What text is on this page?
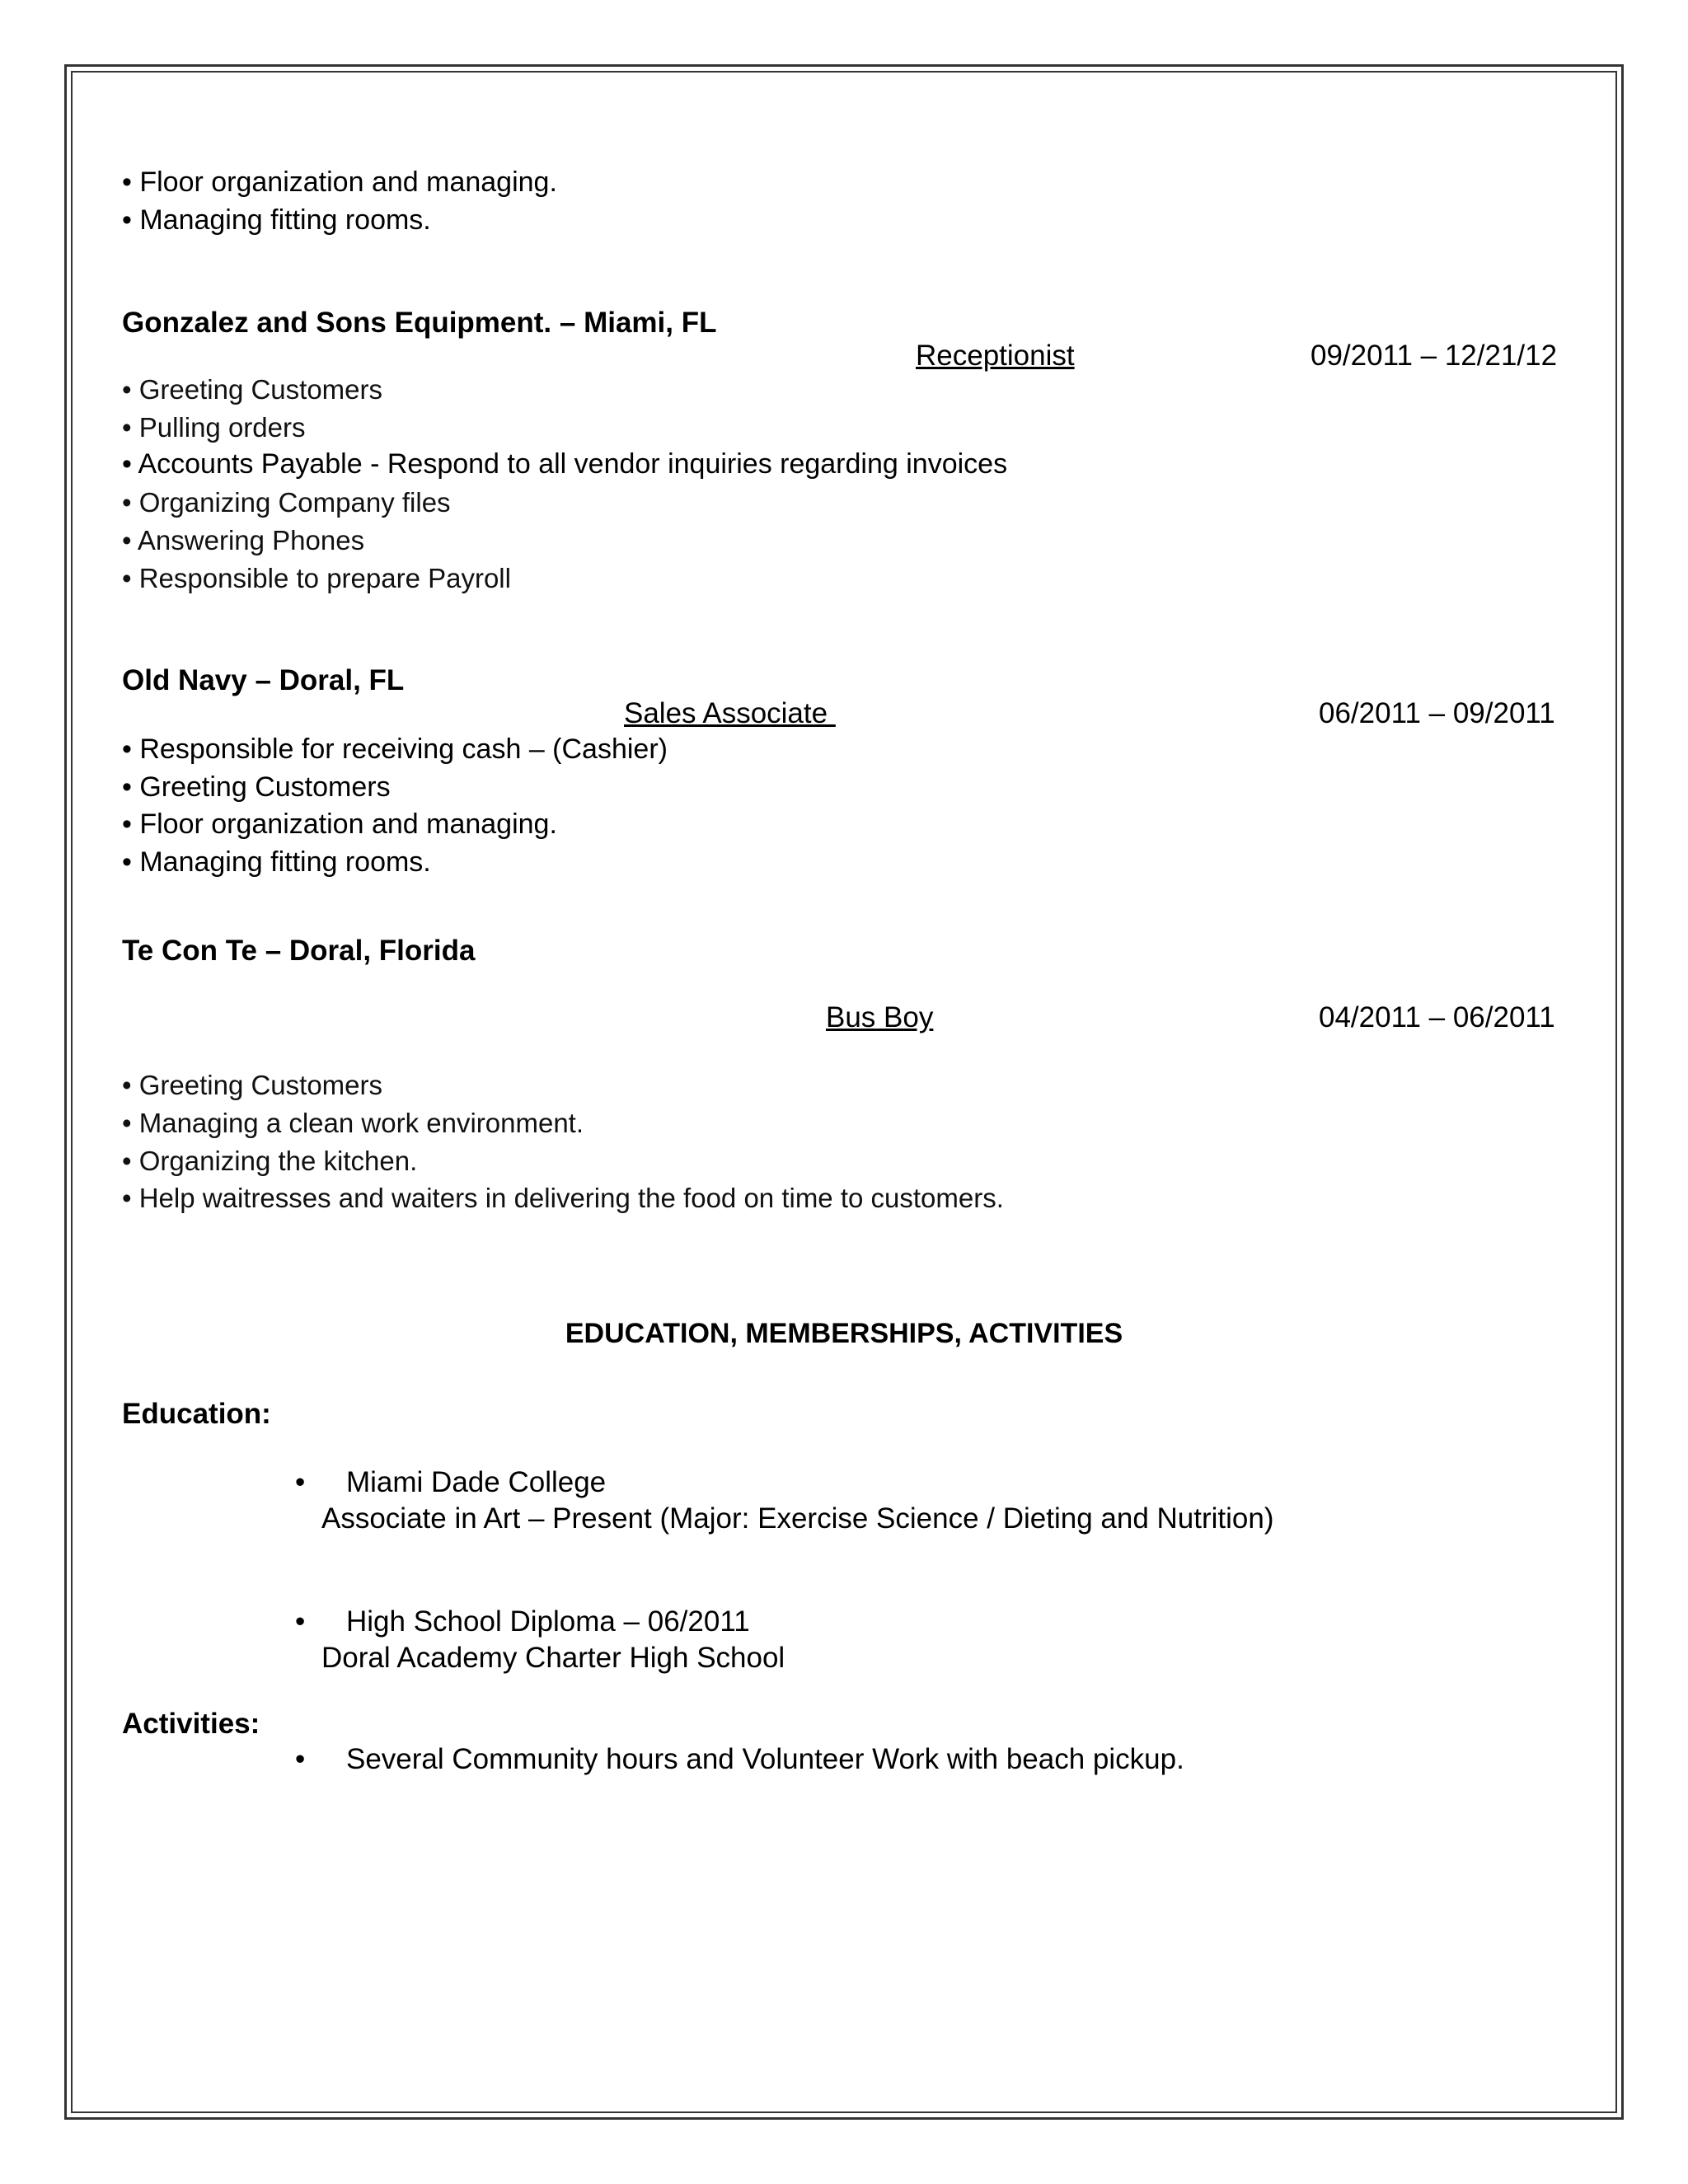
• Floor organization and managing.
• Managing fitting rooms.
Gonzalez and Sons Equipment. – Miami, FL
Receptionist	09/2011 – 12/21/12
• Greeting Customers
• Pulling orders
• Accounts Payable - Respond to all vendor inquiries regarding invoices
• Organizing Company files
• Answering Phones
• Responsible to prepare Payroll
Old Navy – Doral, FL
Sales Associate	06/2011 – 09/2011
• Responsible for receiving cash – (Cashier)
• Greeting Customers
• Floor organization and managing.
• Managing fitting rooms.
Te Con Te – Doral, Florida
Bus Boy	04/2011 – 06/2011
• Greeting Customers
• Managing a clean work environment.
• Organizing the kitchen.
• Help waitresses and waiters in delivering the food on time to customers.
EDUCATION, MEMBERSHIPS, ACTIVITIES
Education:
• Miami Dade College
Associate in Art – Present (Major: Exercise Science / Dieting and Nutrition)
• High School Diploma – 06/2011
Doral Academy Charter High School
Activities:
• Several Community hours and Volunteer Work with beach pickup.
